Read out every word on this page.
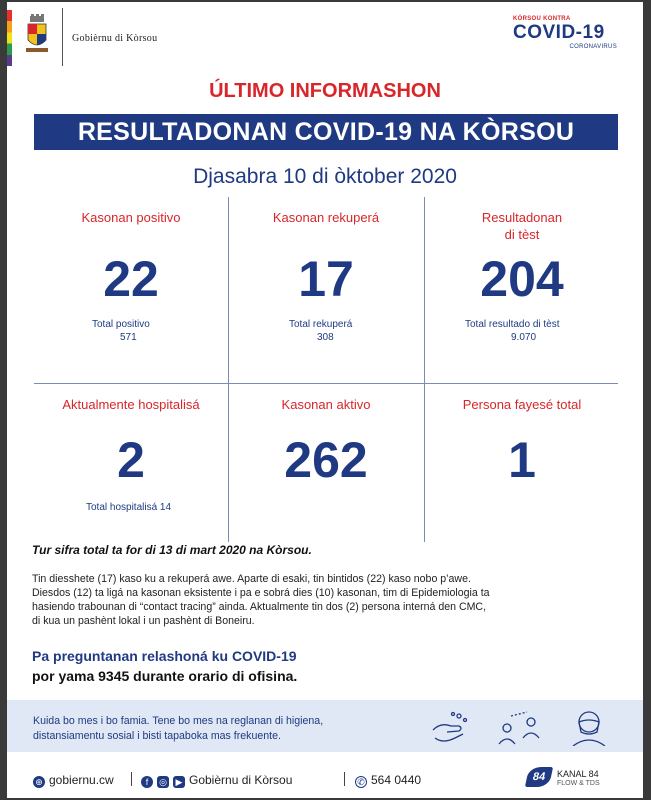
Gobièrnu di Kòrsou
KÒRSOU KONTRA
COVID-19
CORONAVIRUS
ÚLTIMO INFORMASHON
RESULTADONAN COVID-19 NA KÒRSOU
Djasabra 10 di òktober 2020
Kasonan positivo
22
Total positivo
571
Kasonan rekuperá
17
Total rekuperá
308
Resultadonan
di tèst
204
Total resultado di tèst
9.070
Aktualmente hospitalisá
2
Total hospitalisá 14
Kasonan aktivo
262
Persona fayesé total
1
Tur sifra total ta for di 13 di mart 2020 na Kòrsou.
Tin diesshete (17) kaso ku a rekuperá awe. Aparte di esaki, tin bintidos (22) kaso nobo p’awe.
Diesdos (12) ta ligá na kasonan eksistente i pa e sobrá dies (10) kasonan, tim di Epidemiologia ta
hasiendo trabounan di “contact tracing” ainda. Aktualmente tin dos (2) persona interná den CMC,
di kua un pashènt lokal i un pashènt di Boneiru.
Pa preguntanan relashoná ku COVID-19
por yama 9345 durante orario di ofisina.
Kuida bo mes i bo famia. Tene bo mes na reglanan di higiena,
distansiamentu sosial i bisti tapaboka mas frekuente.
⊕ gobiernu.cw	f ◎ ▶ Gobièrnu di Kòrsou	✆ 564 0440	84	KANAL 84
FLOW & TDS
